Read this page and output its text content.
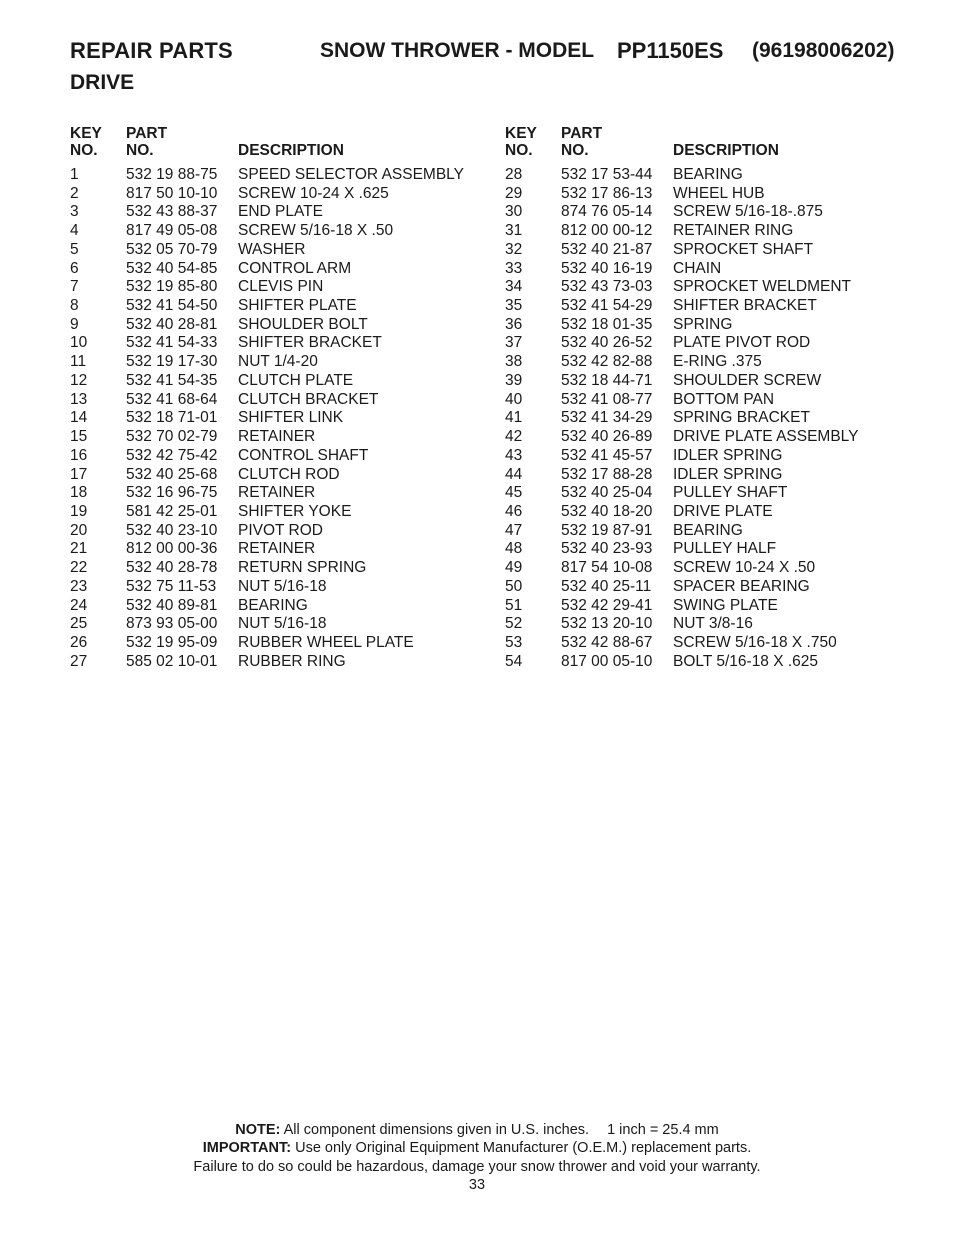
REPAIR PARTS	SNOW THROWER - MODEL PP1150ES (96198006202)
DRIVE
KEY
NO.
PART
NO.	DESCRIPTION
1	532 19 88-75 SPEED SELECTOR ASSEMBLY
2	817 50 10-10 SCREW 10-24 X .625
3	532 43 88-37 END PLATE
4	817 49 05-08 SCREW 5/16-18 X .50
5	532 05 70-79 WASHER
6	532 40 54-85 CONTROL ARM
7	532 19 85-80 CLEVIS PIN
8	532 41 54-50 SHIFTER PLATE
9	532 40 28-81 SHOULDER BOLT
10	532 41 54-33 SHIFTER BRACKET
11	532 19 17-30 NUT 1/4-20
12	532 41 54-35 CLUTCH PLATE
13	532 41 68-64 CLUTCH BRACKET
14	532 18 71-01 SHIFTER LINK
15	532 70 02-79 RETAINER
16	532 42 75-42 CONTROL SHAFT
17	532 40 25-68 CLUTCH ROD
18	532 16 96-75 RETAINER
19	581 42 25-01 SHIFTER YOKE
20	532 40 23-10 PIVOT ROD
21	812 00 00-36 RETAINER
22	532 40 28-78 RETURN SPRING
23	532 75 11-53 NUT 5/16-18
24	532 40 89-81 BEARING
25	873 93 05-00 NUT 5/16-18
26	532 19 95-09 RUBBER WHEEL PLATE
27	585 02 10-01 RUBBER RING
KEY
NO.
PART
NO.	DESCRIPTION
28	532 17 53-44 BEARING
29	532 17 86-13 WHEEL HUB
30	874 76 05-14 SCREW 5/16-18-.875
31	812 00 00-12 RETAINER RING
32	532 40 21-87 SPROCKET SHAFT
33	532 40 16-19 CHAIN
34	532 43 73-03 SPROCKET WELDMENT
35	532 41 54-29 SHIFTER BRACKET
36	532 18 01-35 SPRING
37	532 40 26-52 PLATE PIVOT ROD
38	532 42 82-88 E-RING .375
39	532 18 44-71 SHOULDER SCREW
40	532 41 08-77 BOTTOM PAN
41	532 41 34-29 SPRING BRACKET
42	532 40 26-89 DRIVE PLATE ASSEMBLY
43	532 41 45-57 IDLER SPRING
44	532 17 88-28 IDLER SPRING
45	532 40 25-04 PULLEY SHAFT
46	532 40 18-20 DRIVE PLATE
47	532 19 87-91 BEARING
48	532 40 23-93 PULLEY HALF
49	817 54 10-08 SCREW 10-24 X .50
50	532 40 25-11 SPACER BEARING
51	532 42 29-41 SWING PLATE
52	532 13 20-10 NUT 3/8-16
53	532 42 88-67 SCREW 5/16-18 X .750
54	817 00 05-10 BOLT 5/16-18 X .625
NOTE: All component dimensions given in U.S. inches. 1 inch = 25.4 mm
IMPORTANT: Use only Original Equipment Manufacturer (O.E.M.) replacement parts.
Failure to do so could be hazardous, damage your snow thrower and void your warranty.
33
